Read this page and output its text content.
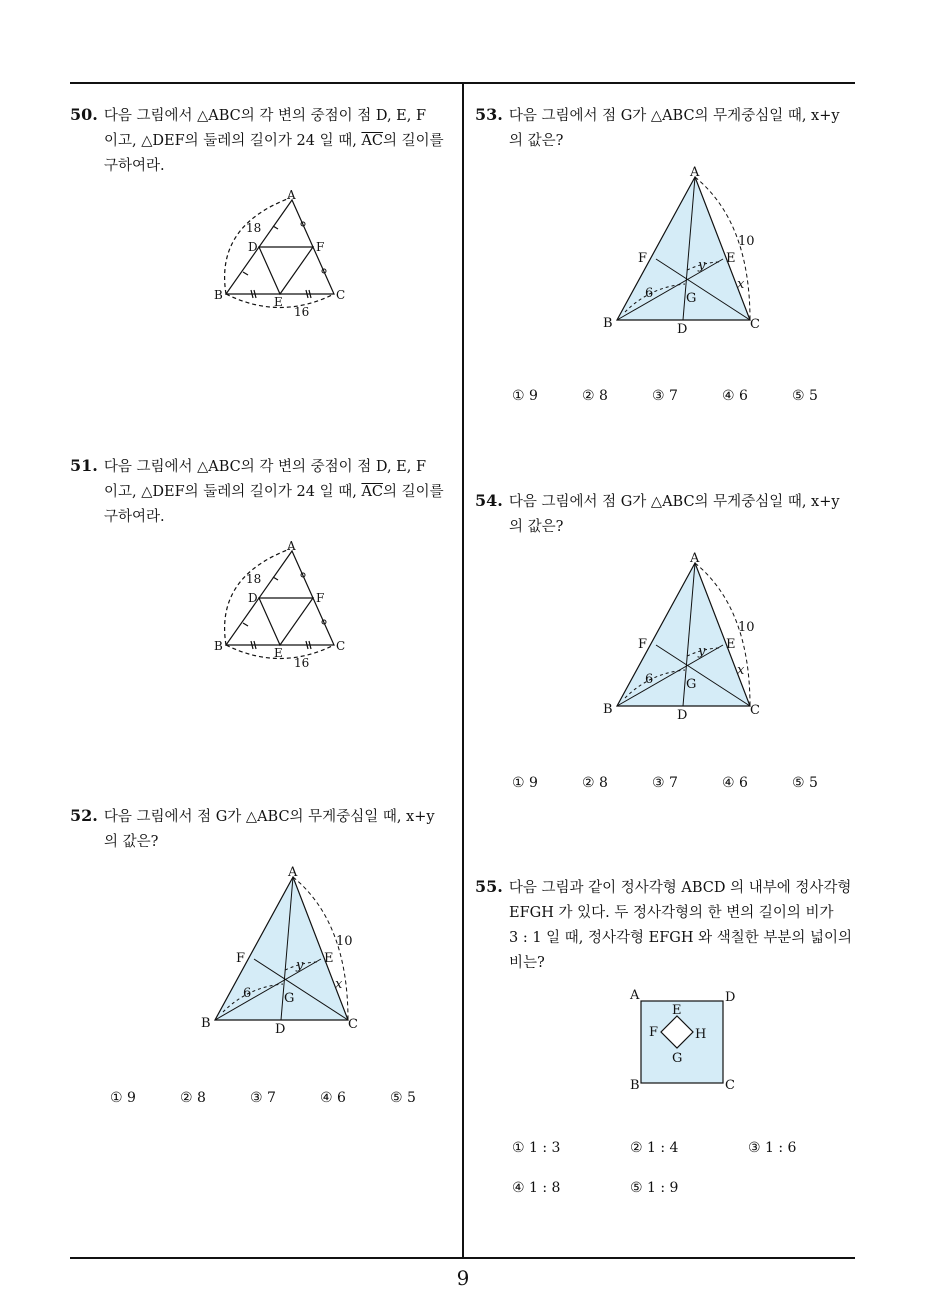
50. 다음 그림에서 △ABC의 각 변의 중점이 점 D, E, F
이고, △DEF의 둘레의 길이가 24 일 때, $\overline{AC}$의 길이를
구하여라.
A
B	C
D
E
F
18
16
51. 다음 그림에서 △ABC의 각 변의 중점이 점 D, E, F
이고, △DEF의 둘레의 길이가 24 일 때, $\overline{AC}$의 길이를
구하여라.
A
B	C
D
E
F
18
16
52. 다음 그림에서 점 G가 △ABC의 무게중심일 때, x+y
의 값은?
A
B	C
D
E
F
G
10
6
x
y
① 9	② 8	③ 7	④ 6	⑤ 5
53. 다음 그림에서 점 G가 △ABC의 무게중심일 때, x+y
의 값은?
A
B	C
D
E
F
G
10
6
x
y
① 9	② 8	③ 7	④ 6	⑤ 5
54. 다음 그림에서 점 G가 △ABC의 무게중심일 때, x+y
의 값은?
A
B	C
D
E
F
G
10
6
x
y
① 9	② 8	③ 7	④ 6	⑤ 5
55. 다음 그림과 같이 정사각형 ABCD 의 내부에 정사각형
EFGH 가 있다. 두 정사각형의 한 변의 길이의 비가
3 : 1 일 때, 정사각형 EFGH 와 색칠한 부분의 넓이의
비는?
A	D
B	C
E
F
G
H
① 1 : 3	② 1 : 4	③ 1 : 6
④ 1 : 8	⑤ 1 : 9
9
